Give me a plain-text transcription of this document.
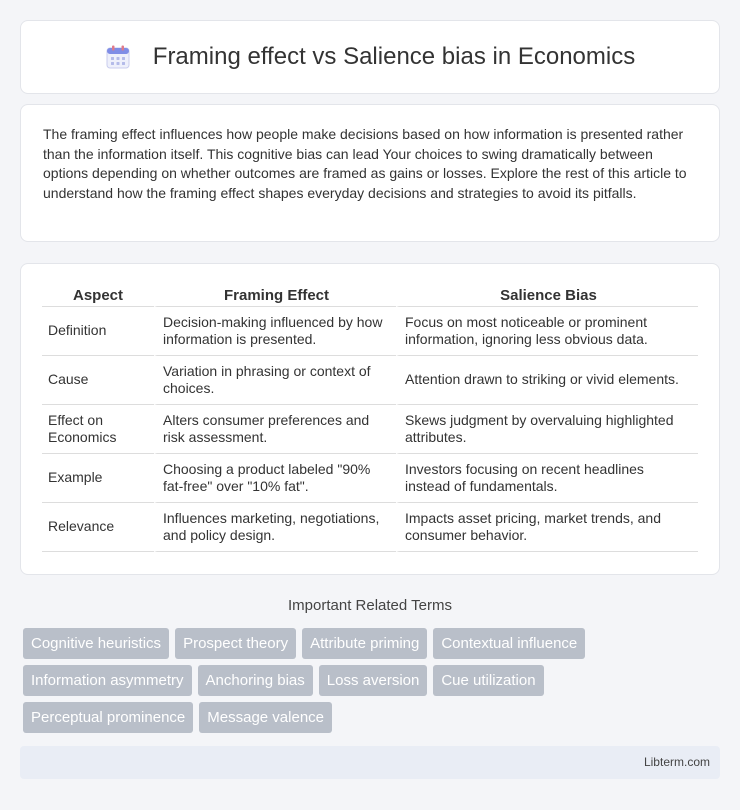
Framing effect vs Salience bias in Economics

The framing effect influences how people make decisions based on how information is presented rather than the information itself. This cognitive bias can lead Your choices to swing dramatically between options depending on whether outcomes are framed as gains or losses. Explore the rest of this article to understand how the framing effect shapes everyday decisions and strategies to avoid its pitfalls.

Aspect	Framing Effect	Salience Bias
Definition	Decision-making influenced by how information is presented.	Focus on most noticeable or prominent information, ignoring less obvious data.
Cause	Variation in phrasing or context of choices.	Attention drawn to striking or vivid elements.
Effect on Economics	Alters consumer preferences and risk assessment.	Skews judgment by overvaluing highlighted attributes.
Example	Choosing a product labeled "90% fat-free" over "10% fat".	Investors focusing on recent headlines instead of fundamentals.
Relevance	Influences marketing, negotiations, and policy design.	Impacts asset pricing, market trends, and consumer behavior.
Important Related Terms
Cognitive heuristics	Prospect theory	Attribute priming	Contextual influence
Information asymmetry	Anchoring bias	Loss aversion	Cue utilization
Perceptual prominence	Message valence
Libterm.com
